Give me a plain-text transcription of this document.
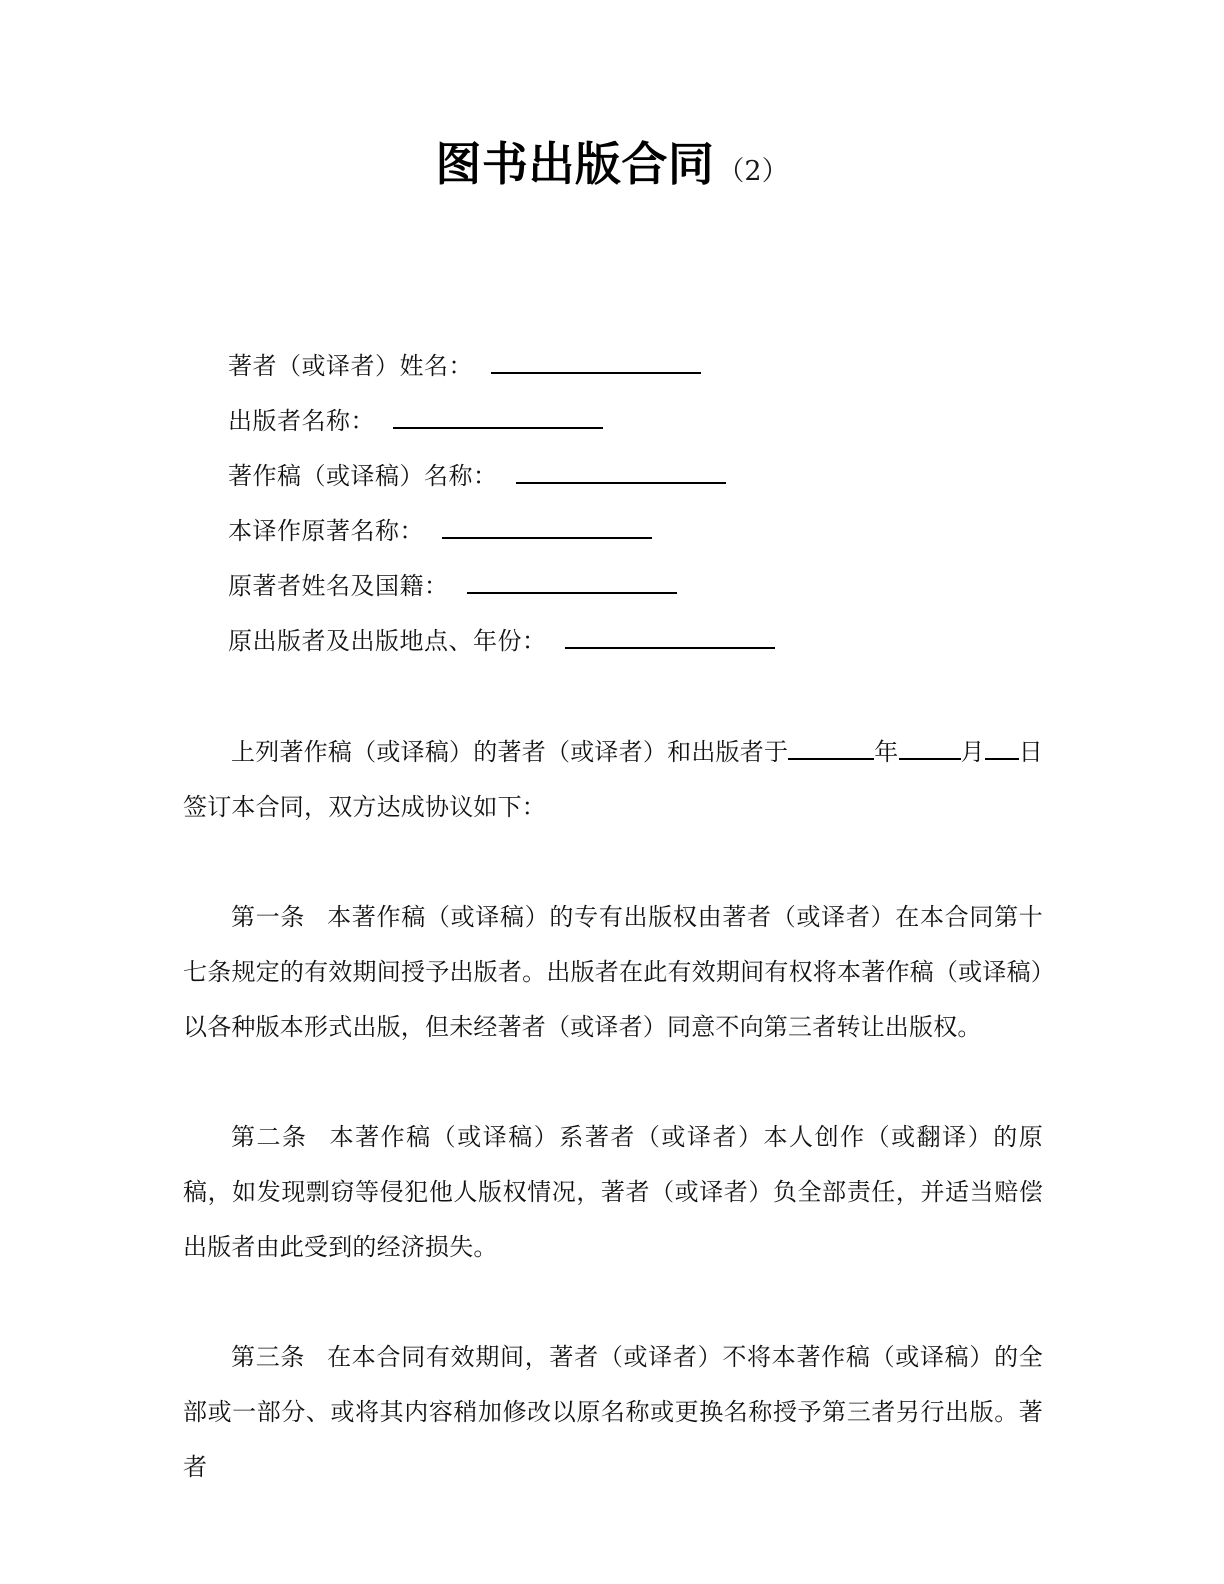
图书出版合同 （2）
著者（或译者）姓名：
出版者名称：
著作稿（或译稿）名称：
本译作原著名称：
原著者姓名及国籍：
原出版者及出版地点、年份：

上列著作稿（或译稿）的著者（或译者）和出版者于	年	月 日签订本合同，双方达成协议如下：

第一条 本著作稿（或译稿）的专有出版权由著者（或译者）在本合同第十七条规定的有效期间授予出版者。出版者在此有效期间有权将本著作稿（或译稿）以各种版本形式出版，但未经著者（或译者）同意不向第三者转让出版权。

第二条 本著作稿（或译稿）系著者（或译者）本人创作（或翻译）的原稿，如发现剽窃等侵犯他人版权情况，著者（或译者）负全部责任，并适当赔偿出版者由此受到的经济损失。

第三条 在本合同有效期间，著者（或译者）不将本著作稿（或译稿）的全部或一部分、或将其内容稍加修改以原名称或更换名称授予第三者另行出版。著者
